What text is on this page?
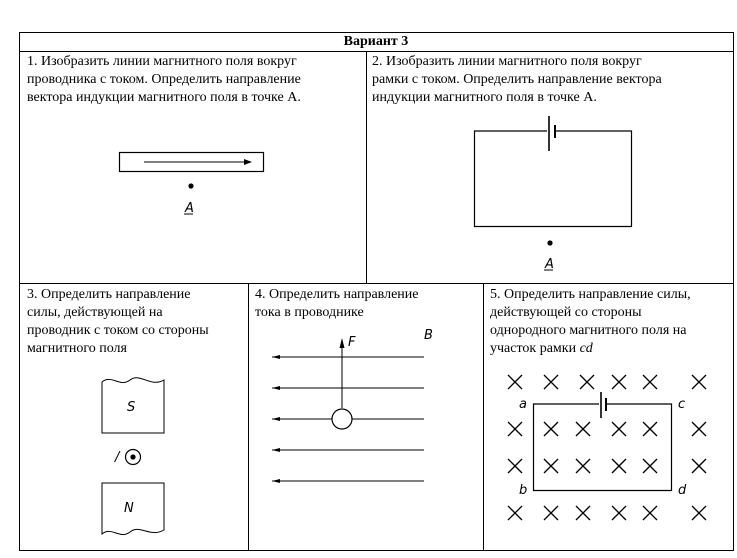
A
A
S
N
/
F	B
a
b
c
d
Вариант 3

1. Изобразить линии магнитного поля вокруг
проводника с током. Определить направление
вектора индукции магнитного поля в точке А.

2. Изобразить линии магнитного поля вокруг
рамки с током. Определить направление вектора
индукции магнитного поля в точке А.

3. Определить направление
силы, действующей на
проводник с током со стороны
магнитного поля

4. Определить направление
тока в проводнике

5. Определить направление силы,
действующей со стороны
однородного магнитного поля на
участок рамки cd
